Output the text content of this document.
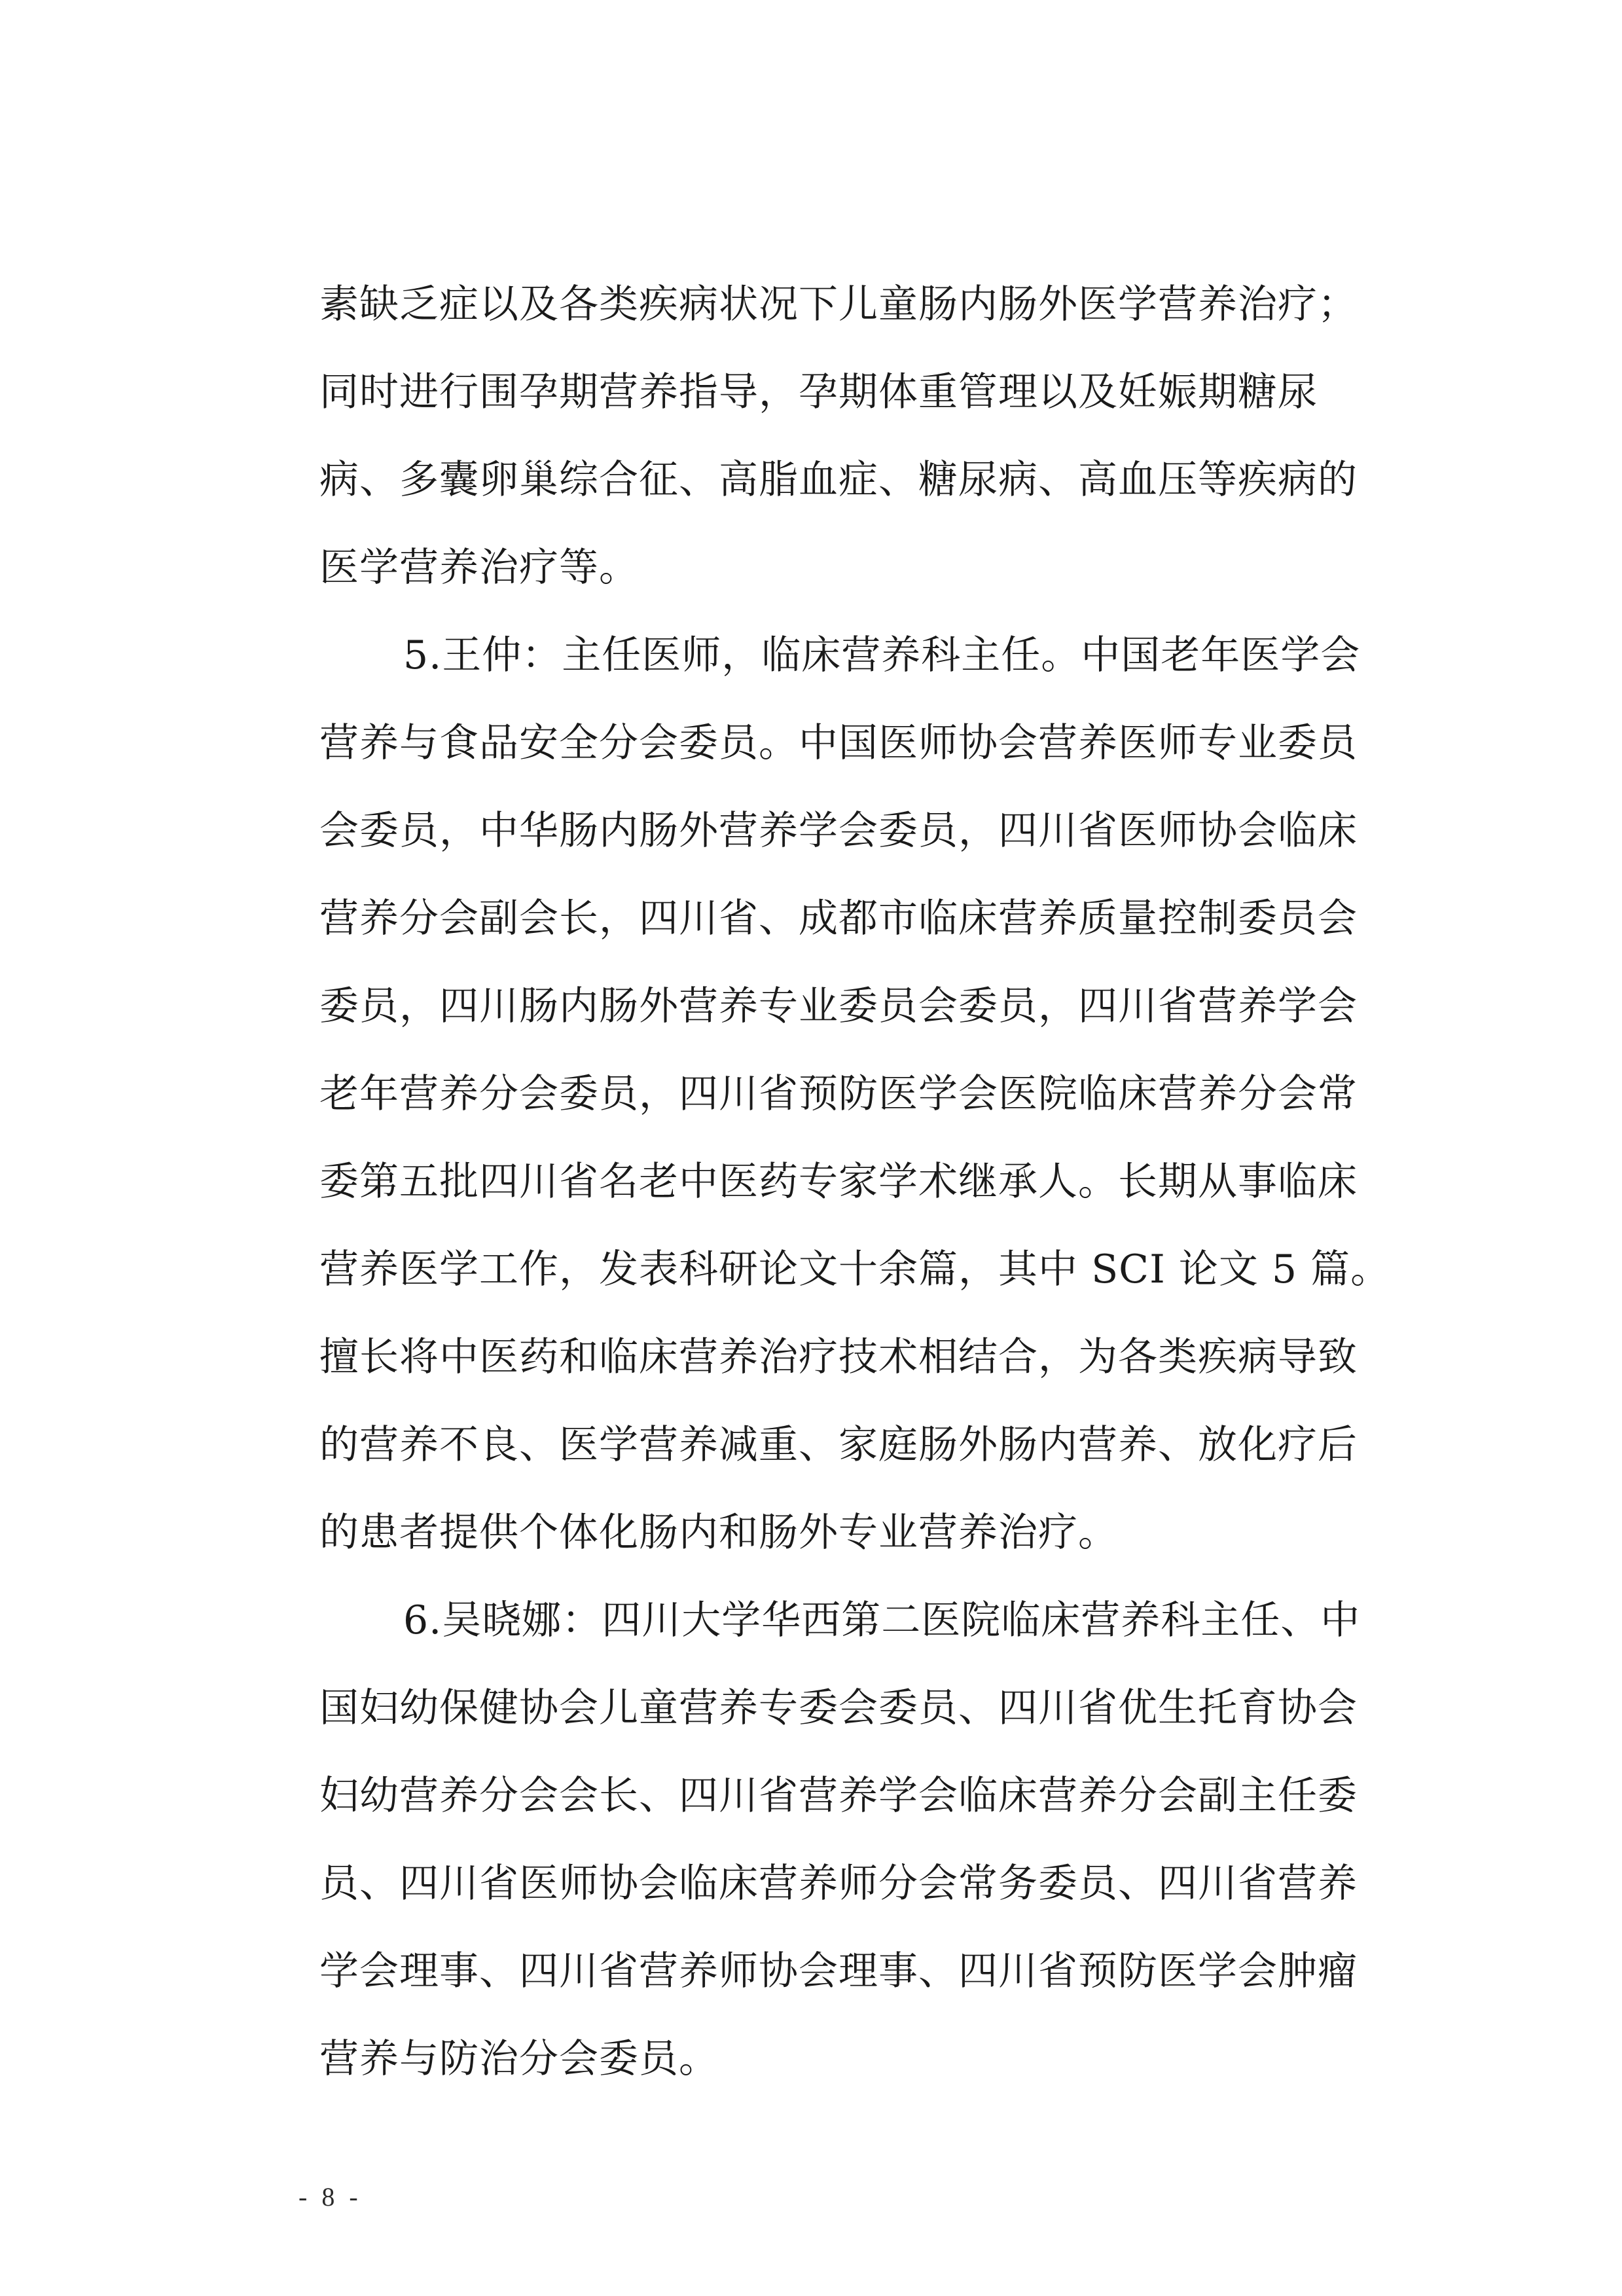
素缺乏症以及各类疾病状况下儿童肠内肠外医学营养治疗；
同时进行围孕期营养指导，孕期体重管理以及妊娠期糖尿
病、多囊卵巢综合征、高脂血症、糖尿病、高血压等疾病的
医学营养治疗等。
5.王仲：主任医师，临床营养科主任。中国老年医学会
营养与食品安全分会委员。中国医师协会营养医师专业委员
会委员，中华肠内肠外营养学会委员，四川省医师协会临床
营养分会副会长，四川省、成都市临床营养质量控制委员会
委员，四川肠内肠外营养专业委员会委员，四川省营养学会
老年营养分会委员，四川省预防医学会医院临床营养分会常
委第五批四川省名老中医药专家学术继承人。长期从事临床
营养医学工作，发表科研论文十余篇，其中 SCI 论文 5 篇。
擅长将中医药和临床营养治疗技术相结合，为各类疾病导致
的营养不良、医学营养减重、家庭肠外肠内营养、放化疗后
的患者提供个体化肠内和肠外专业营养治疗。
6.吴晓娜：四川大学华西第二医院临床营养科主任、中
国妇幼保健协会儿童营养专委会委员、四川省优生托育协会
妇幼营养分会会长、四川省营养学会临床营养分会副主任委
员、四川省医师协会临床营养师分会常务委员、四川省营养
学会理事、四川省营养师协会理事、四川省预防医学会肿瘤
营养与防治分会委员。
- 8 -
